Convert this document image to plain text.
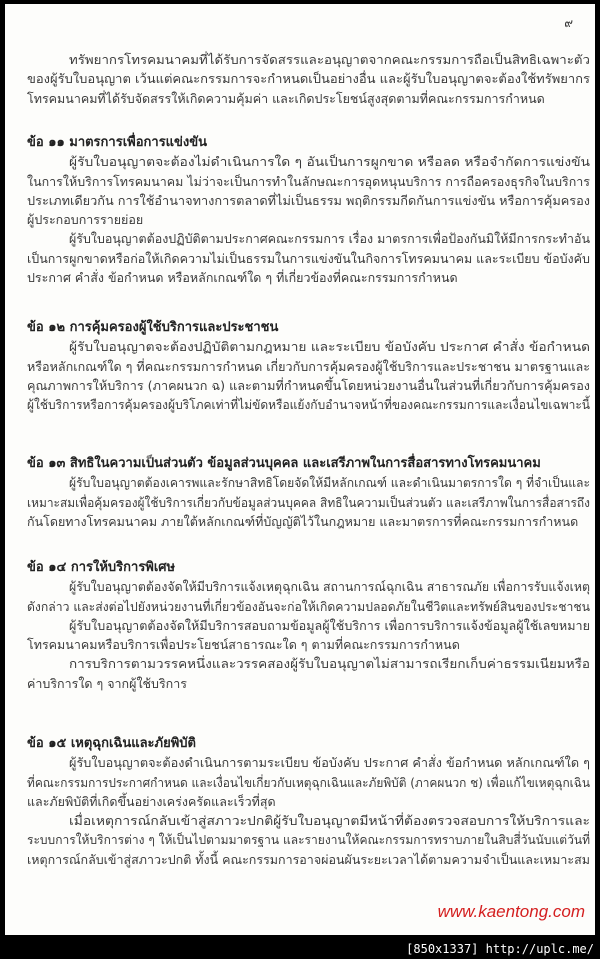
๙
ทรัพยากรโทรคมนาคมที่ได้รับการจัดสรรและอนุญาตจากคณะกรรมการถือเป็นสิทธิเฉพาะตัว
ของผู้รับใบอนุญาต เว้นแต่คณะกรรมการจะกำหนดเป็นอย่างอื่น และผู้รับใบอนุญาตจะต้องใช้ทรัพยากร
โทรคมนาคมที่ได้รับจัดสรรให้เกิดความคุ้มค่า และเกิดประโยชน์สูงสุดตามที่คณะกรรมการกำหนด
ข้อ ๑๑ มาตรการเพื่อการแข่งขัน
ผู้รับใบอนุญาตจะต้องไม่ดำเนินการใด ๆ อันเป็นการผูกขาด หรือลด หรือจำกัดการแข่งขัน
ในการให้บริการโทรคมนาคม ไม่ว่าจะเป็นการทำในลักษณะการอุดหนุนบริการ การถือครองธุรกิจในบริการ
ประเภทเดียวกัน การใช้อำนาจทางการตลาดที่ไม่เป็นธรรม พฤติกรรมกีดกันการแข่งขัน หรือการคุ้มครอง
ผู้ประกอบการรายย่อย
ผู้รับใบอนุญาตต้องปฏิบัติตามประกาศคณะกรรมการ เรื่อง มาตรการเพื่อป้องกันมิให้มีการกระทำอัน
เป็นการผูกขาดหรือก่อให้เกิดความไม่เป็นธรรมในการแข่งขันในกิจการโทรคมนาคม และระเบียบ ข้อบังคับ
ประกาศ คำสั่ง ข้อกำหนด หรือหลักเกณฑ์ใด ๆ ที่เกี่ยวข้องที่คณะกรรมการกำหนด
ข้อ ๑๒ การคุ้มครองผู้ใช้บริการและประชาชน
ผู้รับใบอนุญาตจะต้องปฏิบัติตามกฎหมาย และระเบียบ ข้อบังคับ ประกาศ คำสั่ง ข้อกำหนด
หรือหลักเกณฑ์ใด ๆ ที่คณะกรรมการกำหนด เกี่ยวกับการคุ้มครองผู้ใช้บริการและประชาชน มาตรฐานและ
คุณภาพการให้บริการ (ภาคผนวก ฉ) และตามที่กำหนดขึ้นโดยหน่วยงานอื่นในส่วนที่เกี่ยวกับการคุ้มครอง
ผู้ใช้บริการหรือการคุ้มครองผู้บริโภคเท่าที่ไม่ขัดหรือแย้งกับอำนาจหน้าที่ของคณะกรรมการและเงื่อนไขเฉพาะนี้
ข้อ ๑๓ สิทธิในความเป็นส่วนตัว ข้อมูลส่วนบุคคล และเสรีภาพในการสื่อสารทางโทรคมนาคม
ผู้รับใบอนุญาตต้องเคารพและรักษาสิทธิโดยจัดให้มีหลักเกณฑ์ และดำเนินมาตรการใด ๆ ที่จำเป็นและ
เหมาะสมเพื่อคุ้มครองผู้ใช้บริการเกี่ยวกับข้อมูลส่วนบุคคล สิทธิในความเป็นส่วนตัว และเสรีภาพในการสื่อสารถึง
กันโดยทางโทรคมนาคม ภายใต้หลักเกณฑ์ที่บัญญัติไว้ในกฎหมาย และมาตรการที่คณะกรรมการกำหนด
ข้อ ๑๔ การให้บริการพิเศษ
ผู้รับใบอนุญาตต้องจัดให้มีบริการแจ้งเหตุฉุกเฉิน สถานการณ์ฉุกเฉิน สาธารณภัย เพื่อการรับแจ้งเหตุ
ดังกล่าว และส่งต่อไปยังหน่วยงานที่เกี่ยวข้องอันจะก่อให้เกิดความปลอดภัยในชีวิตและทรัพย์สินของประชาชน
ผู้รับใบอนุญาตต้องจัดให้มีบริการสอบถามข้อมูลผู้ใช้บริการ เพื่อการบริการแจ้งข้อมูลผู้ใช้เลขหมาย
โทรคมนาคมหรือบริการเพื่อประโยชน์สาธารณะใด ๆ ตามที่คณะกรรมการกำหนด
การบริการตามวรรคหนึ่งและวรรคสองผู้รับใบอนุญาตไม่สามารถเรียกเก็บค่าธรรมเนียมหรือ
ค่าบริการใด ๆ จากผู้ใช้บริการ
ข้อ ๑๕ เหตุฉุกเฉินและภัยพิบัติ
ผู้รับใบอนุญาตจะต้องดำเนินการตามระเบียบ ข้อบังคับ ประกาศ คำสั่ง ข้อกำหนด หลักเกณฑ์ใด ๆ
ที่คณะกรรมการประกาศกำหนด และเงื่อนไขเกี่ยวกับเหตุฉุกเฉินและภัยพิบัติ (ภาคผนวก ช) เพื่อแก้ไขเหตุฉุกเฉิน
และภัยพิบัติที่เกิดขึ้นอย่างเคร่งครัดและเร็วที่สุด
เมื่อเหตุการณ์กลับเข้าสู่สภาวะปกติผู้รับใบอนุญาตมีหน้าที่ต้องตรวจสอบการให้บริการและ
ระบบการให้บริการต่าง ๆ ให้เป็นไปตามมาตรฐาน และรายงานให้คณะกรรมการทราบภายในสิบสี่วันนับแต่วันที่
เหตุการณ์กลับเข้าสู่สภาวะปกติ ทั้งนี้ คณะกรรมการอาจผ่อนผันระยะเวลาได้ตามความจำเป็นและเหมาะสม
www.kaentong.com
[850x1337] http://uplc.me/
